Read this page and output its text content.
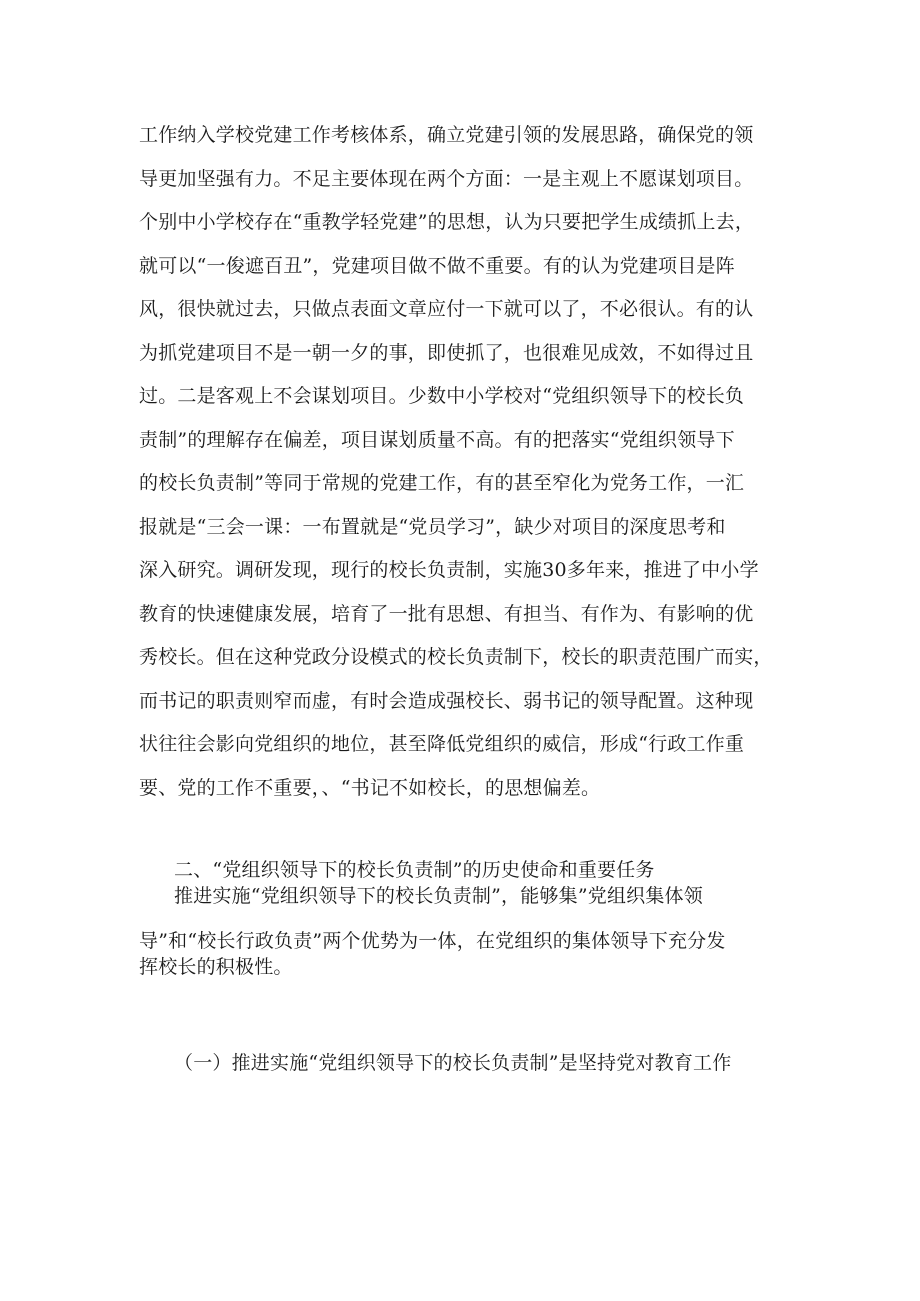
工作纳入学校党建工作考核体系，确立党建引领的发展思路，确保党的领
导更加坚强有力。不足主要体现在两个方面：一是主观上不愿谋划项目。
个别中小学校存在“重教学轻党建”的思想，认为只要把学生成绩抓上去，
就可以“一俊遮百丑”，党建项目做不做不重要。有的认为党建项目是阵
风，很快就过去，只做点表面文章应付一下就可以了，不必很认。有的认
为抓党建项目不是一朝一夕的事，即使抓了，也很难见成效，不如得过且
过。二是客观上不会谋划项目。少数中小学校对“党组织领导下的校长负
责制”的理解存在偏差，项目谋划质量不高。有的把落实“党组织领导下
的校长负责制”等同于常规的党建工作，有的甚至窄化为党务工作，一汇
报就是“三会一课：一布置就是“党员学习”，缺少对项目的深度思考和
深入研究。调研发现，现行的校长负责制，实施30多年来，推进了中小学
教育的快速健康发展，培育了一批有思想、有担当、有作为、有影响的优
秀校长。但在这种党政分设模式的校长负责制下，校长的职责范围广而实，
而书记的职责则窄而虚，有时会造成强校长、弱书记的领导配置。这种现
状往往会影向党组织的地位，甚至降低党组织的威信，形成“行政工作重
要、党的工作不重要，、“书记不如校长，的思想偏差。
二、“党组织领导下的校长负责制”的历史使命和重要任务
推进实施“党组织领导下的校长负责制”，能够集”党组织集体领
导”和“校长行政负责”两个优势为一体，在党组织的集体领导下充分发
挥校长的积极性。
（一）推进实施“党组织领导下的校长负责制”是坚持党对教育工作
